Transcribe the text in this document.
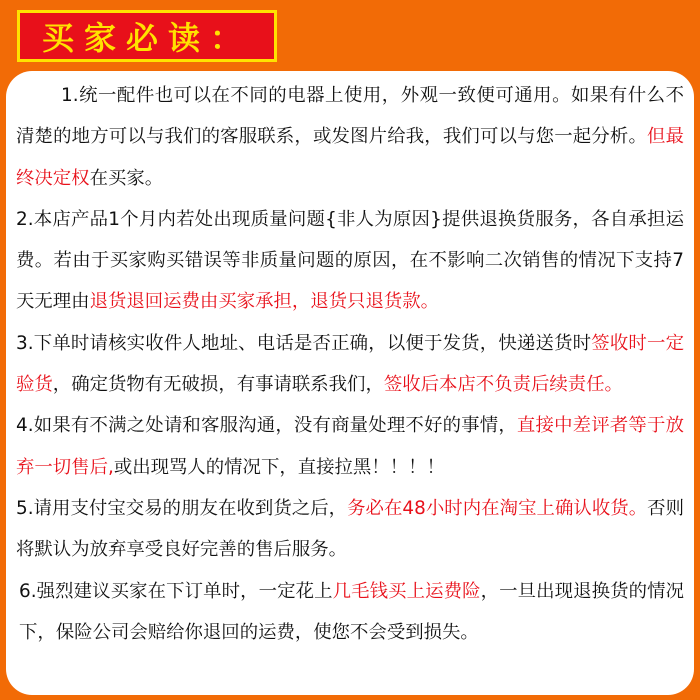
买家必读：
1.统一配件也可以在不同的电器上使用，外观一致便可通用。如果有什么不清楚的地方可以与我们的客服联系，或发图片给我，我们可以与您一起分析。但最终决定权在买家。
2.本店产品1个月内若处出现质量问题{非人为原因}提供退换货服务，各自承担运费。若由于买家购买错误等非质量问题的原因，在不影响二次销售的情况下支持7天无理由退货退回运费由买家承担，退货只退货款。
3.下单时请核实收件人地址、电话是否正确，以便于发货，快递送货时签收时一定验货，确定货物有无破损，有事请联系我们，签收后本店不负责后续责任。
4.如果有不满之处请和客服沟通，没有商量处理不好的事情，直接中差评者等于放弃一切售后,或出现骂人的情况下，直接拉黑！！！！
5.请用支付宝交易的朋友在收到货之后，务必在48小时内在淘宝上确认收货。否则将默认为放弃享受良好完善的售后服务。
6.强烈建议买家在下订单时，一定花上几毛钱买上运费险，一旦出现退换货的情况下，保险公司会赔给你退回的运费，使您不会受到损失。
